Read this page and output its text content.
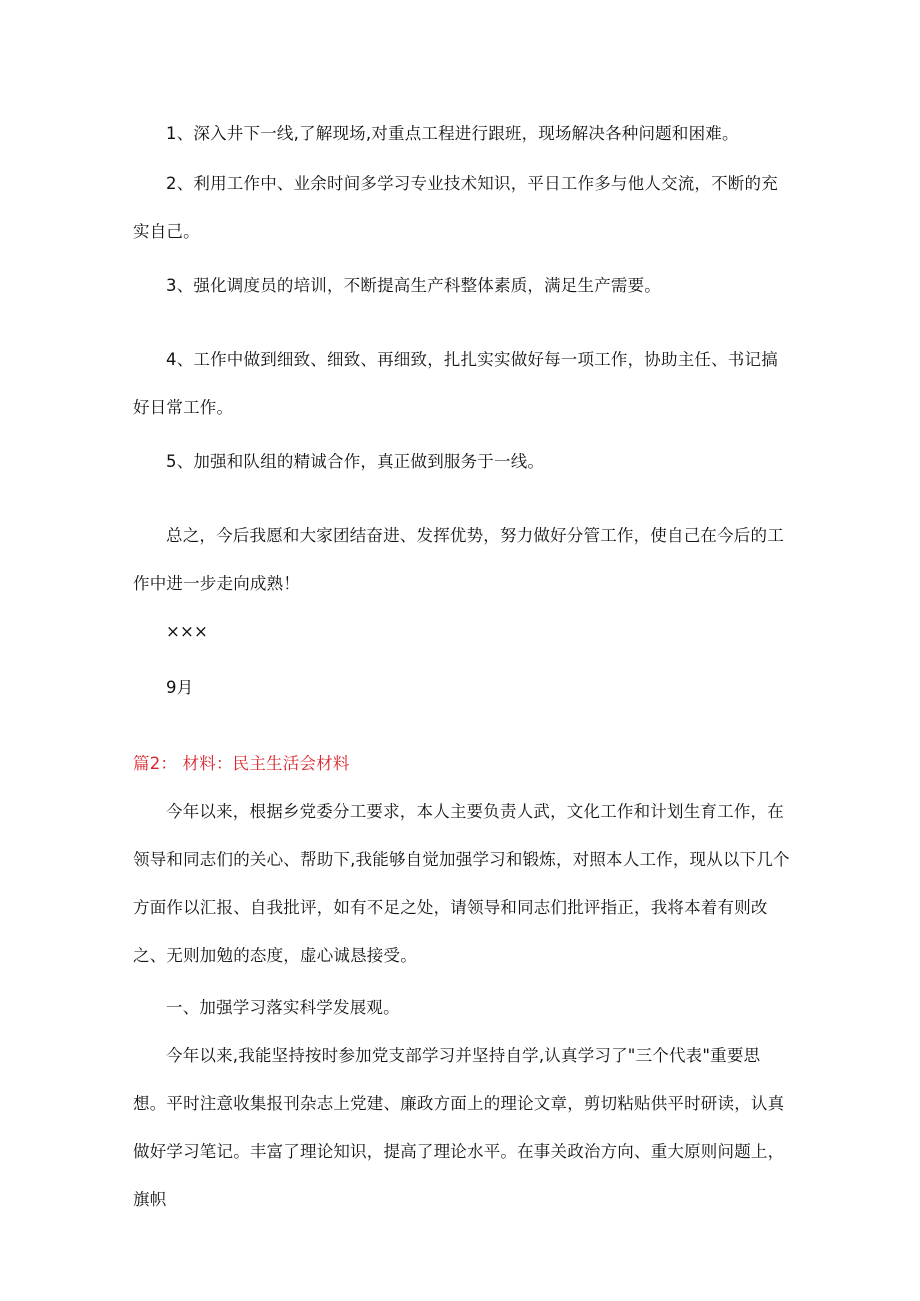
1、深入井下一线,了解现场,对重点工程进行跟班，现场解决各种问题和困难。

2、利用工作中、业余时间多学习专业技术知识，平日工作多与他人交流，不断的充实自己。

3、强化调度员的培训，不断提高生产科整体素质，满足生产需要。

4、工作中做到细致、细致、再细致，扎扎实实做好每一项工作，协助主任、书记搞好日常工作。

5、加强和队组的精诚合作，真正做到服务于一线。

总之，今后我愿和大家团结奋进、发挥优势，努力做好分管工作，使自己在今后的工作中进一步走向成熟！

×××

9月

篇2： 材料：民主生活会材料

今年以来，根据乡党委分工要求，本人主要负责人武，文化工作和计划生育工作，在领导和同志们的关心、帮助下,我能够自觉加强学习和锻炼，对照本人工作，现从以下几个方面作以汇报、自我批评，如有不足之处，请领导和同志们批评指正，我将本着有则改之、无则加勉的态度，虚心诚恳接受。

一、加强学习落实科学发展观。

今年以来,我能坚持按时参加党支部学习并坚持自学,认真学习了"三个代表"重要思想。平时注意收集报刊杂志上党建、廉政方面上的理论文章，剪切粘贴供平时研读，认真做好学习笔记。丰富了理论知识，提高了理论水平。在事关政治方向、重大原则问题上，旗帜
